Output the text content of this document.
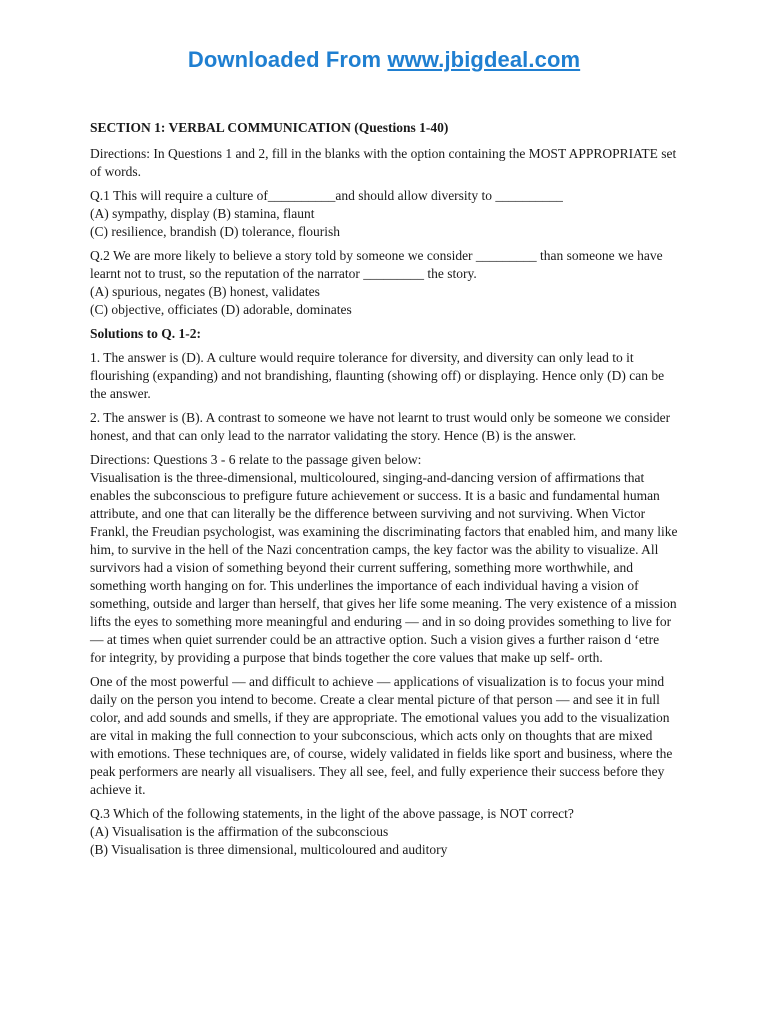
Downloaded From www.jbigdeal.com

SECTION 1: VERBAL COMMUNICATION (Questions 1-40)

Directions: In Questions 1 and 2, fill in the blanks with the option containing the MOST APPROPRIATE set of words.

Q.1 This will require a culture of__________and should allow diversity to __________
(A) sympathy, display (B) stamina, flaunt
(C) resilience, brandish (D) tolerance, flourish

Q.2 We are more likely to believe a story told by someone we consider _________ than someone we have learnt not to trust, so the reputation of the narrator _________ the story.
(A) spurious, negates (B) honest, validates
(C) objective, officiates (D) adorable, dominates

Solutions to Q. 1-2:

1. The answer is (D). A culture would require tolerance for diversity, and diversity can only lead to it flourishing (expanding) and not brandishing, flaunting (showing off) or displaying. Hence only (D) can be the answer.

2. The answer is (B). A contrast to someone we have not learnt to trust would only be someone we consider honest, and that can only lead to the narrator validating the story. Hence (B) is the answer.

Directions: Questions 3 - 6 relate to the passage given below:
Visualisation is the three-dimensional, multicoloured, singing-and-dancing version of affirmations that enables the subconscious to prefigure future achievement or success. It is a basic and fundamental human attribute, and one that can literally be the difference between surviving and not surviving. When Victor Frankl, the Freudian psychologist, was examining the discriminating factors that enabled him, and many like him, to survive in the hell of the Nazi concentration camps, the key factor was the ability to visualize. All survivors had a vision of something beyond their current suffering, something more worthwhile, and something worth hanging on for. This underlines the importance of each individual having a vision of something, outside and larger than herself, that gives her life some meaning. The very existence of a mission lifts the eyes to something more meaningful and enduring — and in so doing provides something to live for — at times when quiet surrender could be an attractive option. Such a vision gives a further raison d ‘etre for integrity, by providing a purpose that binds together the core values that make up self- orth.

One of the most powerful — and difficult to achieve — applications of visualization is to focus your mind daily on the person you intend to become. Create a clear mental picture of that person — and see it in full color, and add sounds and smells, if they are appropriate. The emotional values you add to the visualization are vital in making the full connection to your subconscious, which acts only on thoughts that are mixed with emotions. These techniques are, of course, widely validated in fields like sport and business, where the peak performers are nearly all visualisers. They all see, feel, and fully experience their success before they achieve it.

Q.3 Which of the following statements, in the light of the above passage, is NOT correct?
(A) Visualisation is the affirmation of the subconscious
(B) Visualisation is three dimensional, multicoloured and auditory
